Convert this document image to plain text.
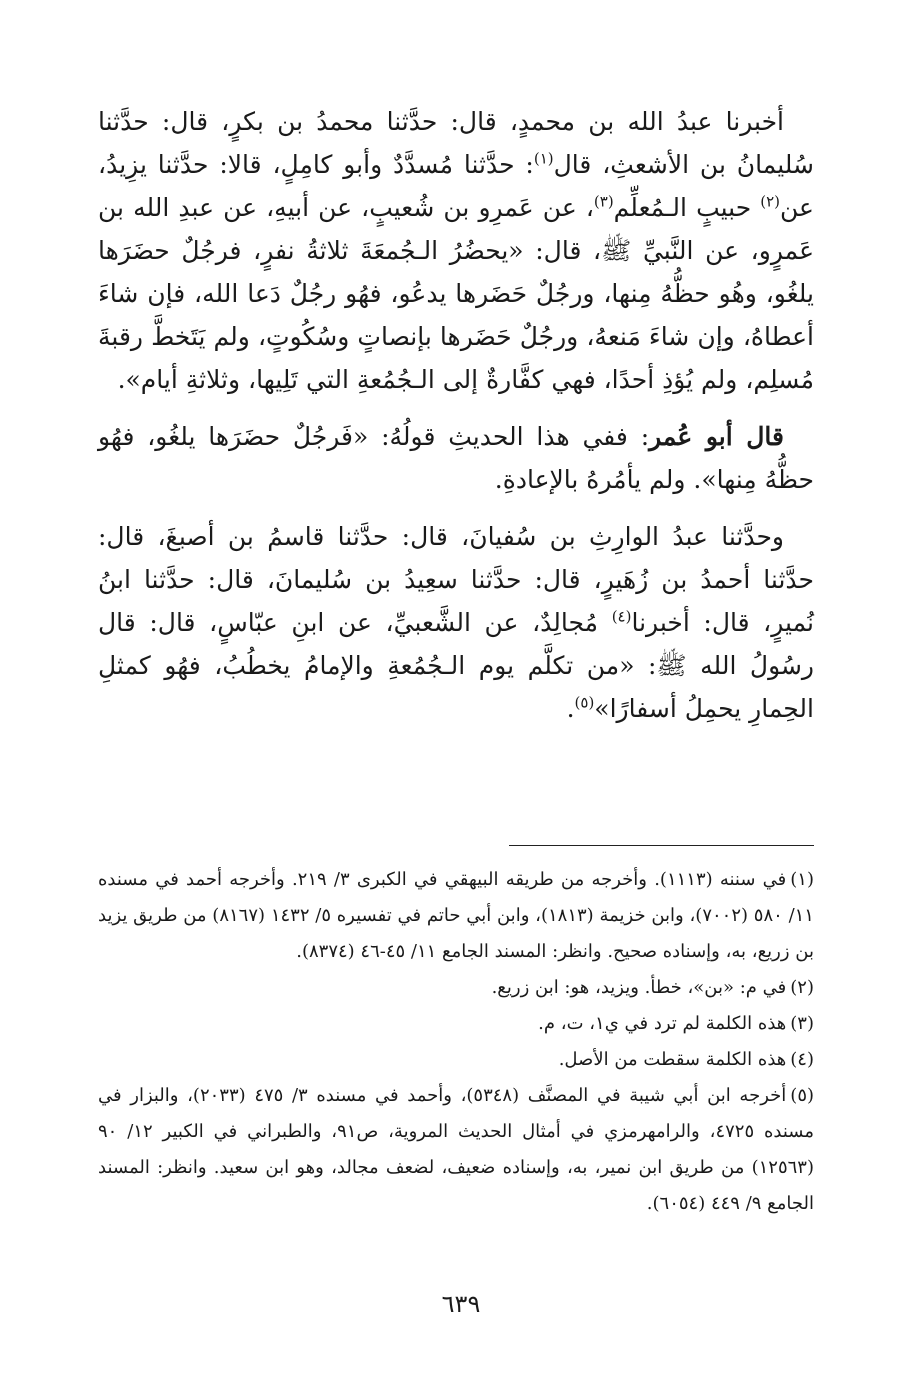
أخبرنا عبدُ الله بن محمدٍ، قال: حدَّثنا محمدُ بن بكرٍ، قال: حدَّثنا سُليمانُ بن الأشعثِ، قال$^{(١)}$: حدَّثنا مُسدَّدٌ وأبو كامِلٍ، قالا: حدَّثنا يزِيدُ، عن$^{(٢)}$ حبيبٍ الـمُعلِّم$^{(٣)}$، عن عَمرِو بن شُعيبٍ، عن أبيهِ، عن عبدِ الله بن عَمرٍو، عن النَّبيِّ ﷺ، قال: «يحضُرُ الـجُمعَةَ ثلاثةُ نفرٍ، فرجُلٌ حضَرَها يلغُو، وهُو حظُّهُ مِنها، ورجُلٌ حَضَرها يدعُو، فهُو رجُلٌ دَعا الله، فإن شاءَ أعطاهُ، وإن شاءَ مَنعهُ، ورجُلٌ حَضَرها بإنصاتٍ وسُكُوتٍ، ولم يَتَخطَّ رقبةَ مُسلِم، ولم يُؤذِ أحدًا، فهي كفَّارةٌ إلى الـجُمُعةِ التي تَلِيها، وثلاثةِ أيام».

قال أبو عُمر: ففي هذا الحديثِ قولُهُ: «فَرجُلٌ حضَرَها يلغُو، فهُو حظُّهُ مِنها». ولم يأمُرهُ بالإعادةِ.

وحدَّثنا عبدُ الوارِثِ بن سُفيانَ، قال: حدَّثنا قاسمُ بن أصبغَ، قال: حدَّثنا أحمدُ بن زُهَيرٍ، قال: حدَّثنا سعِيدُ بن سُليمانَ، قال: حدَّثنا ابنُ نُميرٍ، قال: أخبرنا$^{(٤)}$ مُجالِدٌ، عن الشَّعبيِّ، عن ابنِ عبّاسٍ، قال: قال رسُولُ الله ﷺ: «من تكلَّم يوم الـجُمُعةِ والإمامُ يخطُبُ، فهُو كمثلِ الحِمارِ يحمِلُ أسفارًا»$^{(٥)}$.

(١)في سننه (١١١٣). وأخرجه من طريقه البيهقي في الكبرى ٣/ ٢١٩. وأخرجه أحمد في مسنده ١١/ ٥٨٠ (٧٠٠٢)، وابن خزيمة (١٨١٣)، وابن أبي حاتم في تفسيره ٥/ ١٤٣٢ (٨١٦٧) من طريق يزيد بن زريع، به، وإسناده صحيح. وانظر: المسند الجامع ١١/ ٤٥-٤٦ (٨٣٧٤).

(٢)في م: «بن»، خطأ. ويزيد، هو: ابن زريع.

(٣)هذه الكلمة لم ترد في ي١، ت، م.

(٤)هذه الكلمة سقطت من الأصل.

(٥)أخرجه ابن أبي شيبة في المصنَّف (٥٣٤٨)، وأحمد في مسنده ٣/ ٤٧٥ (٢٠٣٣)، والبزار في مسنده ٤٧٢٥، والرامهرمزي في أمثال الحديث المروية، ص٩١، والطبراني في الكبير ١٢/ ٩٠ (١٢٥٦٣) من طريق ابن نمير، به، وإسناده ضعيف، لضعف مجالد، وهو ابن سعيد. وانظر: المسند الجامع ٩/ ٤٤٩ (٦٠٥٤).

٦٣٩
